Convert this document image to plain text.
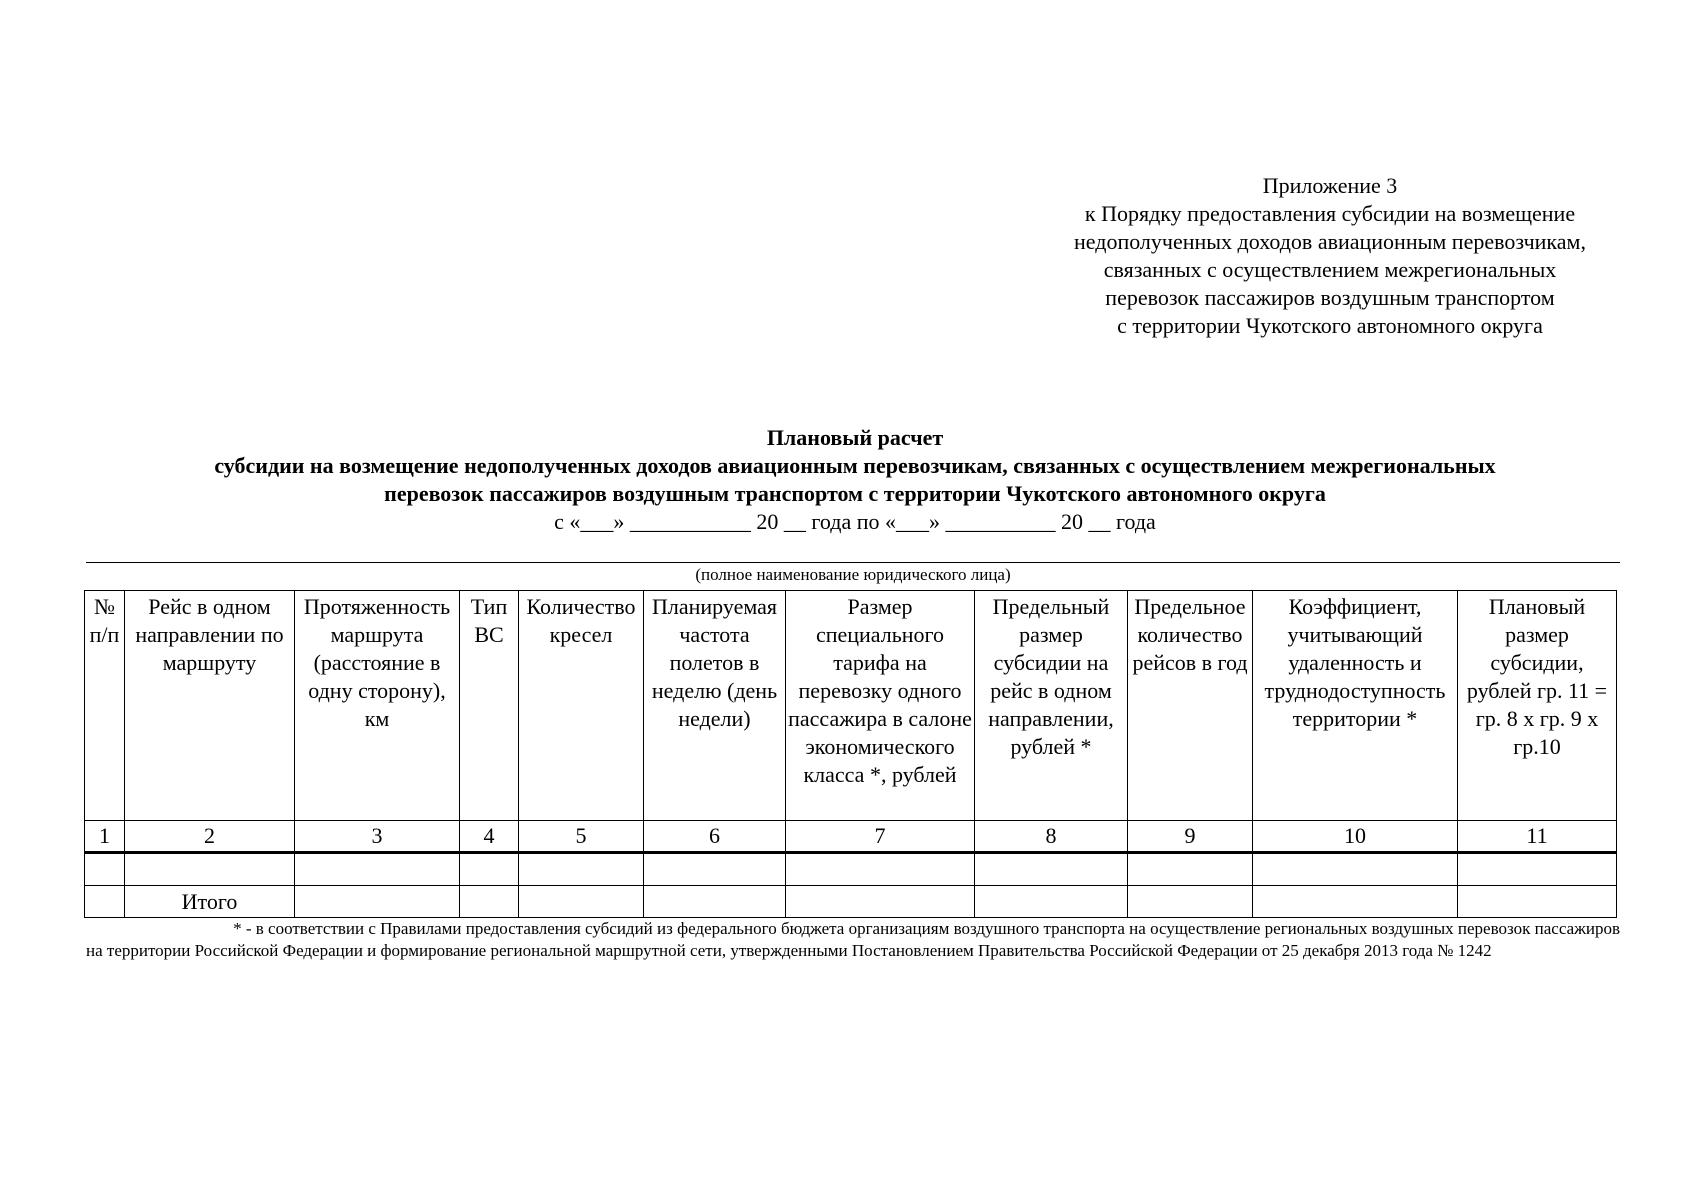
Приложение 3
к Порядку предоставления субсидии на возмещение
недополученных доходов авиационным перевозчикам,
связанных с осуществлением межрегиональных
перевозок пассажиров воздушным транспортом
с территории Чукотского автономного округа
Плановый расчет
субсидии на возмещение недополученных доходов авиационным перевозчикам, связанных с осуществлением межрегиональных
перевозок пассажиров воздушным транспортом с территории Чукотского автономного округа
с «___» ___________ 20 __ года по «___» __________ 20 __ года
(полное наименование юридического лица)
№ п/п	Рейс в одном направлении по маршруту	Протяженность маршрута (расстояние в одну сторону), км	Тип ВС	Количество кресел	Планируемая частота полетов в неделю (день недели)	Размер специального тарифа на перевозку одного пассажира в салоне экономического класса *, рублей	Предельный размер субсидии на рейс в одном направлении, рублей *	Предельное количество рейсов в год	Коэффициент, учитывающий удаленность и труднодоступность территории *	Плановый размер субсидии, рублей гр. 11 = гр. 8 х гр. 9 х гр.10
1	2	3	4	5	6	7	8	9	10	11

	Итого									
* - в соответствии с Правилами предоставления субсидий из федерального бюджета организациям воздушного транспорта на осуществление региональных воздушных перевозок пассажиров
на территории Российской Федерации и формирование региональной маршрутной сети, утвержденными Постановлением Правительства Российской Федерации от 25 декабря 2013 года № 1242
